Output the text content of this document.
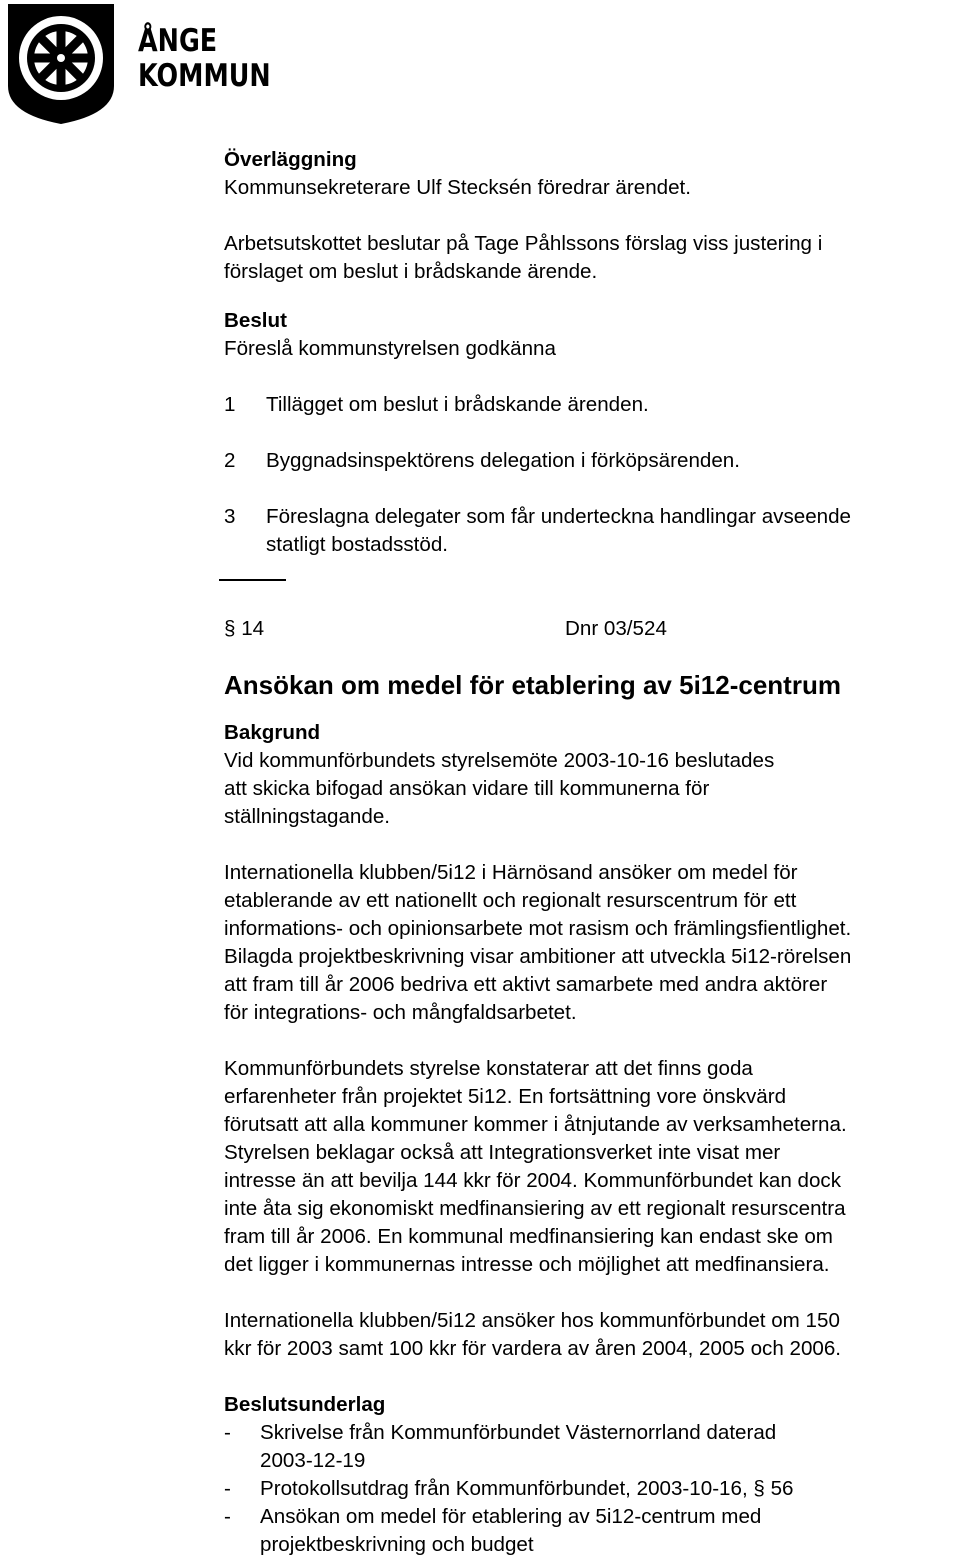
ÅNGE
KOMMUN
Överläggning
Kommunsekreterare Ulf Stecksén föredrar ärendet.
Arbetsutskottet beslutar på Tage Påhlssons förslag viss justering i
förslaget om beslut i brådskande ärende.
Beslut
Föreslå kommunstyrelsen godkänna
1 Tillägget om beslut i brådskande ärenden.
2 Byggnadsinspektörens delegation i förköpsärenden.
3 Föreslagna delegater som får underteckna handlingar avseende
statligt bostadsstöd.
§ 14	Dnr 03/524
Ansökan om medel för etablering av 5i12-centrum
Bakgrund
Vid kommunförbundets styrelsemöte 2003-10-16 beslutades
att skicka bifogad ansökan vidare till kommunerna för
ställningstagande.
Internationella klubben/5i12 i Härnösand ansöker om medel för
etablerande av ett nationellt och regionalt resurscentrum för ett
informations- och opinionsarbete mot rasism och främlingsfientlighet.
Bilagda projektbeskrivning visar ambitioner att utveckla 5i12-rörelsen
att fram till år 2006 bedriva ett aktivt samarbete med andra aktörer
för integrations- och mångfaldsarbetet.
Kommunförbundets styrelse konstaterar att det finns goda
erfarenheter från projektet 5i12. En fortsättning vore önskvärd
förutsatt att alla kommuner kommer i åtnjutande av verksamheterna.
Styrelsen beklagar också att Integrationsverket inte visat mer
intresse än att bevilja 144 kkr för 2004. Kommunförbundet kan dock
inte åta sig ekonomiskt medfinansiering av ett regionalt resurscentra
fram till år 2006. En kommunal medfinansiering kan endast ske om
det ligger i kommunernas intresse och möjlighet att medfinansiera.
Internationella klubben/5i12 ansöker hos kommunförbundet om 150
kkr för 2003 samt 100 kkr för vardera av åren 2004, 2005 och 2006.
Beslutsunderlag
- Skrivelse från Kommunförbundet Västernorrland daterad
2003-12-19
- Protokollsutdrag från Kommunförbundet, 2003-10-16, § 56
- Ansökan om medel för etablering av 5i12-centrum med
projektbeskrivning och budget
